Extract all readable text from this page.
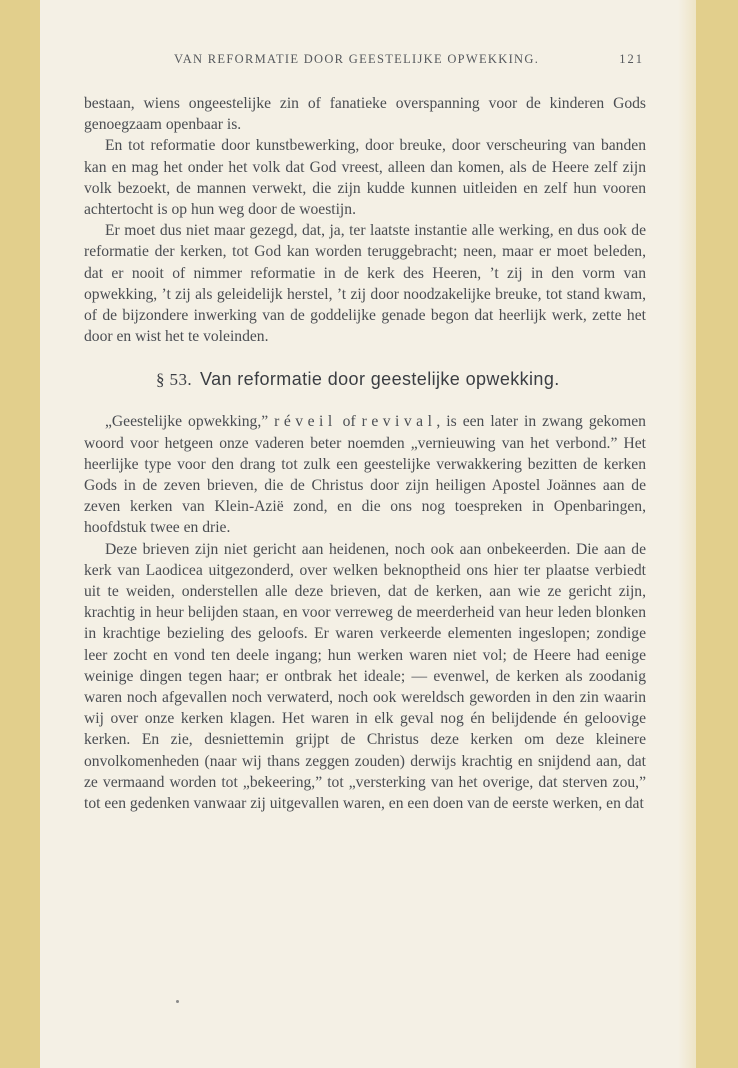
VAN REFORMATIE DOOR GEESTELIJKE OPWEKKING.	121

bestaan, wiens ongeestelijke zin of fanatieke overspanning voor de kinderen Gods genoegzaam openbaar is.

En tot reformatie door kunstbewerking, door breuke, door verscheuring van banden kan en mag het onder het volk dat God vreest, alleen dan komen, als de Heere zelf zijn volk bezoekt, de mannen verwekt, die zijn kudde kunnen uitleiden en zelf hun vooren achtertocht is op hun weg door de woestijn.

Er moet dus niet maar gezegd, dat, ja, ter laatste instantie alle werking, en dus ook de reformatie der kerken, tot God kan worden teruggebracht; neen, maar er moet beleden, dat er nooit of nimmer reformatie in de kerk des Heeren, ’t zij in den vorm van opwekking, ’t zij als geleidelijk herstel, ’t zij door noodzakelijke breuke, tot stand kwam, of de bijzondere inwerking van de goddelijke genade begon dat heerlijk werk, zette het door en wist het te voleinden.

§ 53. Van reformatie door geestelijke opwekking.

„Geestelijke opwekking,” réveil of revival, is een later in zwang gekomen woord voor hetgeen onze vaderen beter noemden „vernieuwing van het verbond.” Het heerlijke type voor den drang tot zulk een geestelijke verwakkering bezitten de kerken Gods in de zeven brieven, die de Christus door zijn heiligen Apostel Joännes aan de zeven kerken van Klein-Azië zond, en die ons nog toespreken in Openbaringen, hoofdstuk twee en drie.

Deze brieven zijn niet gericht aan heidenen, noch ook aan onbekeerden. Die aan de kerk van Laodicea uitgezonderd, over welken beknoptheid ons hier ter plaatse verbiedt uit te weiden, onderstellen alle deze brieven, dat de kerken, aan wie ze gericht zijn, krachtig in heur belijden staan, en voor verreweg de meerderheid van heur leden blonken in krachtige bezieling des geloofs. Er waren verkeerde elementen ingeslopen; zondige leer zocht en vond ten deele ingang; hun werken waren niet vol; de Heere had eenige weinige dingen tegen haar; er ontbrak het ideale; — evenwel, de kerken als zoodanig waren noch afgevallen noch verwaterd, noch ook wereldsch geworden in den zin waarin wij over onze kerken klagen. Het waren in elk geval nog én belijdende én geloovige kerken. En zie, desniettemin grijpt de Christus deze kerken om deze kleinere onvolkomenheden (naar wij thans zeggen zouden) derwijs krachtig en snijdend aan, dat ze vermaand worden tot „bekeering,” tot „versterking van het overige, dat sterven zou,” tot een gedenken vanwaar zij uitgevallen waren, en een doen van de eerste werken, en dat
